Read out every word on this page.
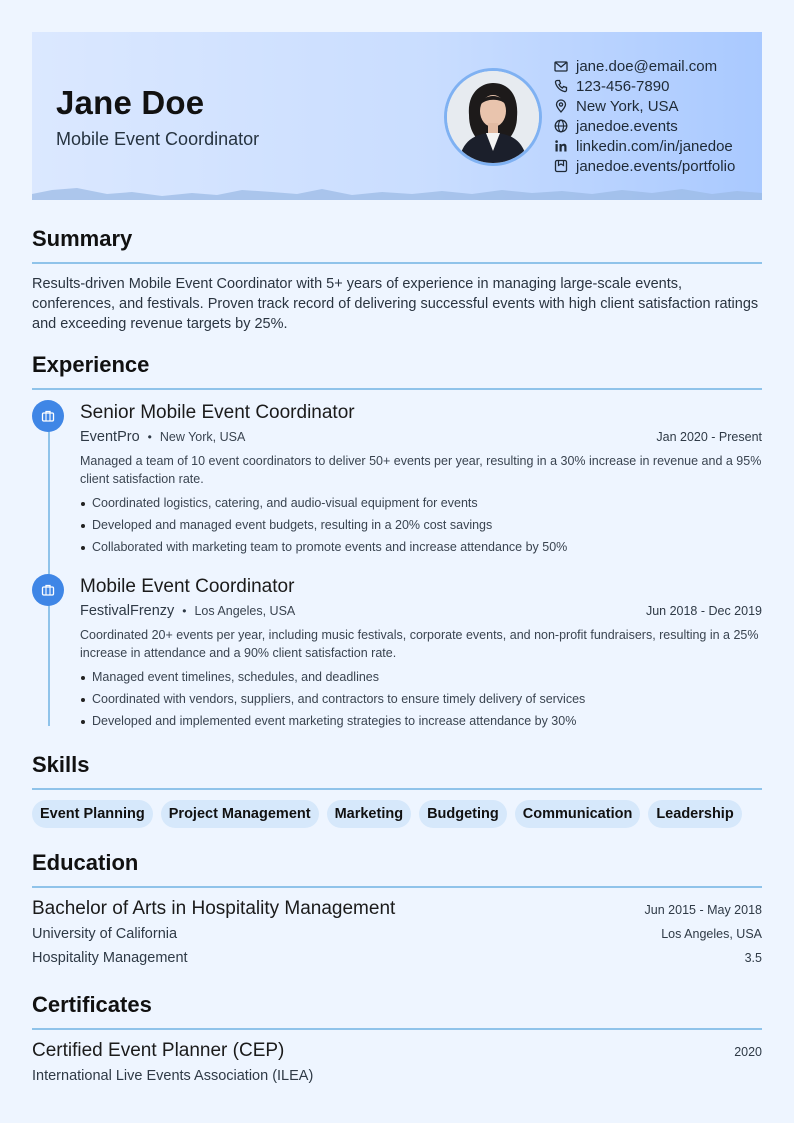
Jane Doe
Mobile Event Coordinator
jane.doe@email.com
123-456-7890
New York, USA
janedoe.events
linkedin.com/in/janedoe
janedoe.events/portfolio
Summary
Results-driven Mobile Event Coordinator with 5+ years of experience in managing large-scale events, conferences, and festivals. Proven track record of delivering successful events with high client satisfaction ratings and exceeding revenue targets by 25%.
Experience
Senior Mobile Event Coordinator
EventPro • New York, USA	Jan 2020 - Present
Managed a team of 10 event coordinators to deliver 50+ events per year, resulting in a 30% increase in revenue and a 95% client satisfaction rate.
Coordinated logistics, catering, and audio-visual equipment for events
Developed and managed event budgets, resulting in a 20% cost savings
Collaborated with marketing team to promote events and increase attendance by 50%
Mobile Event Coordinator
FestivalFrenzy • Los Angeles, USA	Jun 2018 - Dec 2019
Coordinated 20+ events per year, including music festivals, corporate events, and non-profit fundraisers, resulting in a 25% increase in attendance and a 90% client satisfaction rate.
Managed event timelines, schedules, and deadlines
Coordinated with vendors, suppliers, and contractors to ensure timely delivery of services
Developed and implemented event marketing strategies to increase attendance by 30%
Skills
Event Planning	Project Management	Marketing	Budgeting	Communication	Leadership
Education
Bachelor of Arts in Hospitality Management	Jun 2015 - May 2018
University of California	Los Angeles, USA
Hospitality Management	3.5
Certificates
Certified Event Planner (CEP)	2020
International Live Events Association (ILEA)
